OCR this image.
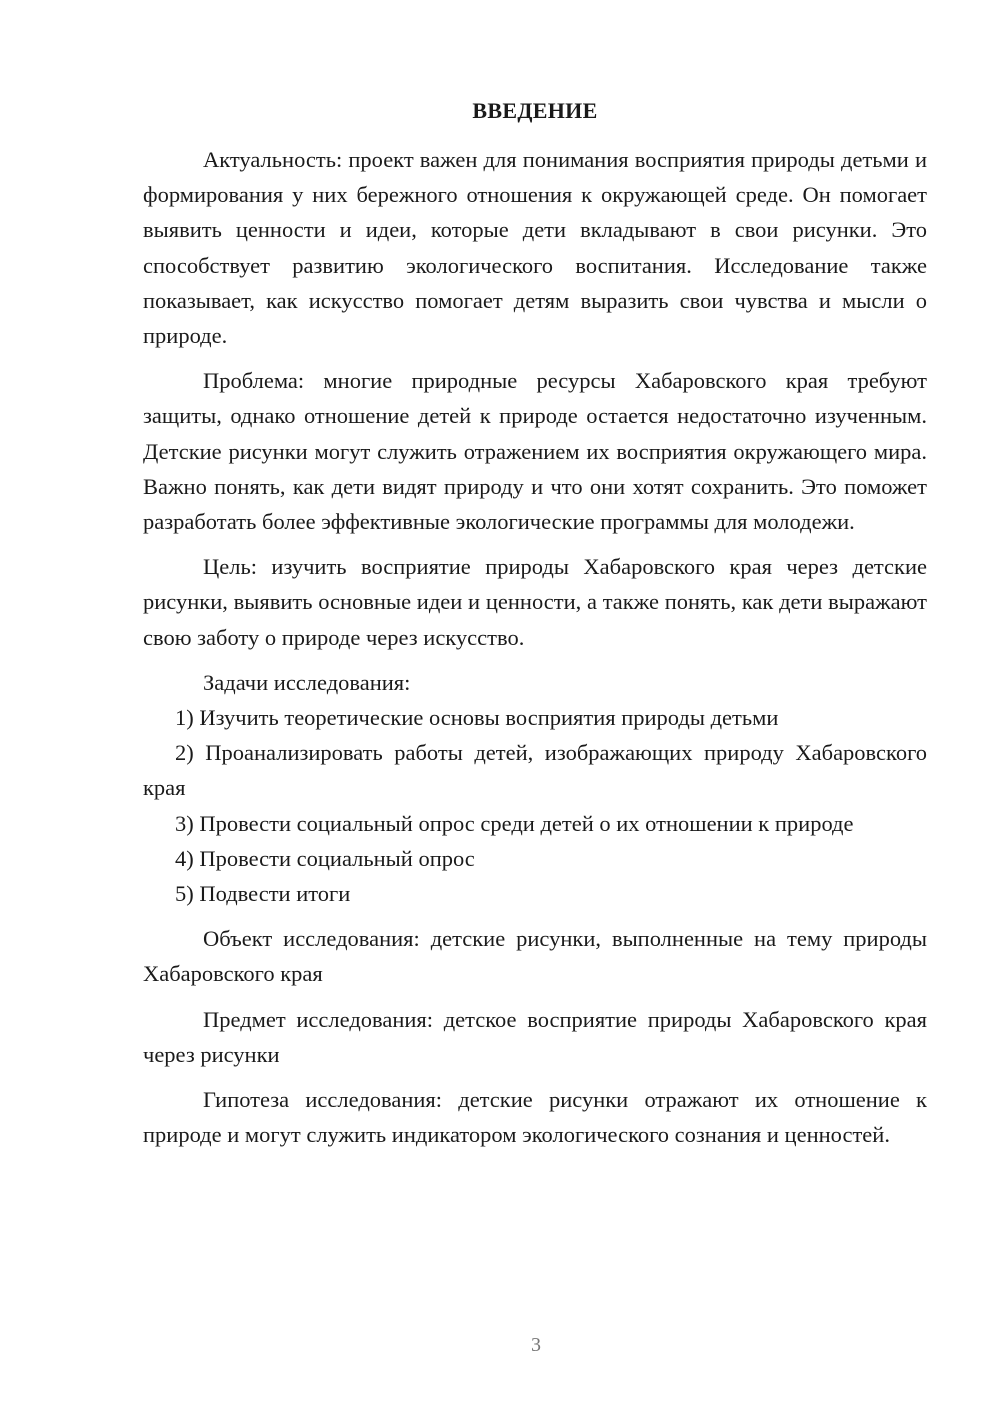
ВВЕДЕНИЕ

Актуальность: проект важен для понимания восприятия природы детьми и формирования у них бережного отношения к окружающей среде. Он помогает выявить ценности и идеи, которые дети вкладывают в свои рисунки. Это способствует развитию экологического воспитания. Исследование также показывает, как искусство помогает детям выразить свои чувства и мысли о природе.

Проблема: многие природные ресурсы Хабаровского края требуют защиты, однако отношение детей к природе остается недостаточно изученным. Детские рисунки могут служить отражением их восприятия окружающего мира. Важно понять, как дети видят природу и что они хотят сохранить. Это поможет разработать более эффективные экологические программы для молодежи.

Цель: изучить восприятие природы Хабаровского края через детские рисунки, выявить основные идеи и ценности, а также понять, как дети выражают свою заботу о природе через искусство.

Задачи исследования:

1) Изучить теоретические основы восприятия природы детьми

2) Проанализировать работы детей, изображающих природу Хабаровского края

3) Провести социальный опрос среди детей о их отношении к природе

4) Провести социальный опрос

5) Подвести итоги

Объект исследования: детские рисунки, выполненные на тему природы Хабаровского края

Предмет исследования: детское восприятие природы Хабаровского края через рисунки

Гипотеза исследования: детские рисунки отражают их отношение к природе и могут служить индикатором экологического сознания и ценностей.

3
